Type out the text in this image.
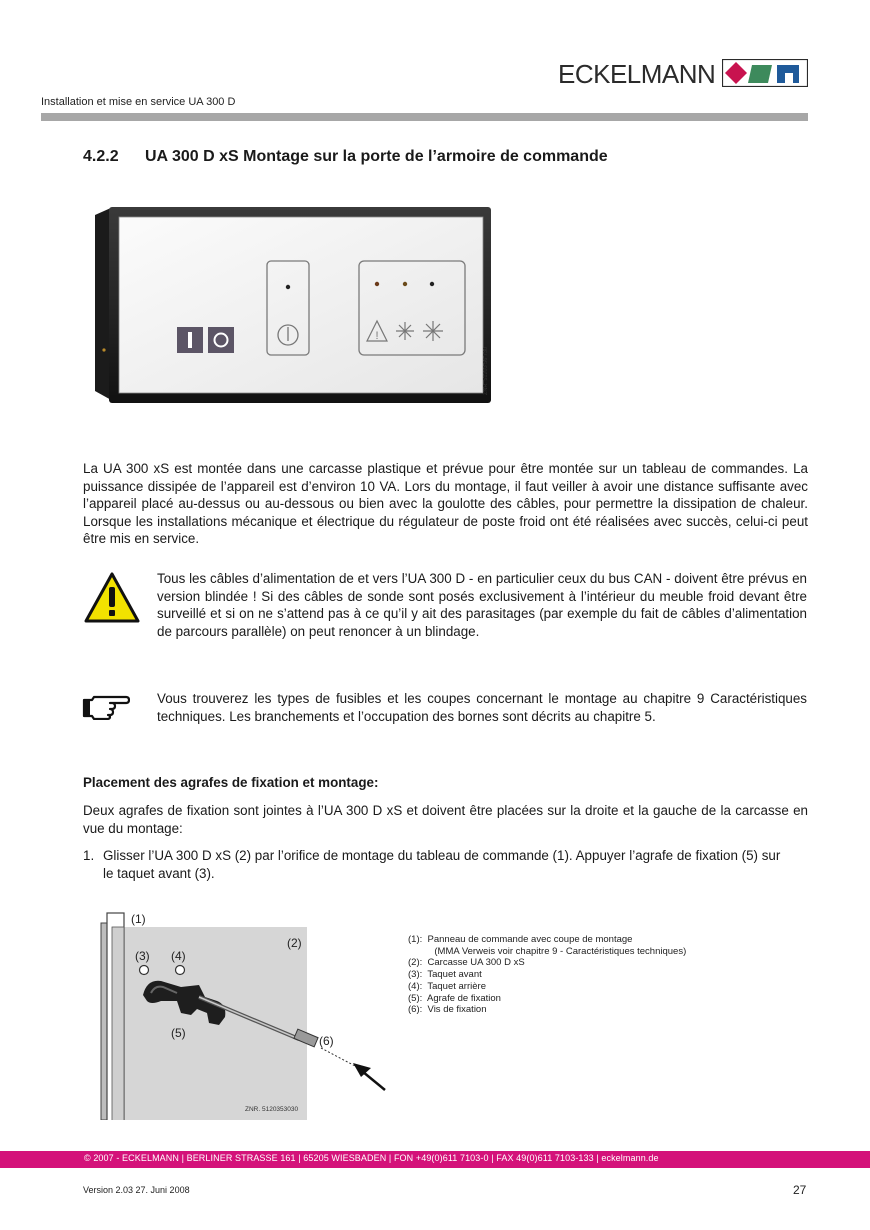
ECKELMANN
Installation et mise en service UA 300 D
4.2.2 UA 300 D xS Montage sur la porte de l’armoire de commande
!
ZNR. 51203 56 730
La UA 300 xS est montée dans une carcasse plastique et prévue pour être montée sur un tableau de commandes. La puissance dissipée de l’appareil est d’environ 10 VA. Lors du montage, il faut veiller à avoir une distance suffisante avec l’appareil placé au-dessus ou au-dessous ou bien avec la goulotte des câbles, pour permettre la dissipation de chaleur. Lorsque les installations mécanique et électrique du régulateur de poste froid ont été réalisées avec succès, celui-ci peut être mis en service.
Tous les câbles d’alimentation de et vers l’UA 300 D - en particulier ceux du bus CAN - doivent être prévus en version blindée ! Si des câbles de sonde sont posés exclusivement à l’intérieur du meuble froid devant être surveillé et si on ne s’attend pas à ce qu’il y ait des parasitages (par exemple du fait de câbles d’alimentation de parcours parallèle) on peut renoncer à un blindage.
Vous trouverez les types de fusibles et les coupes concernant le montage au chapitre 9 Caractéristiques techniques. Les branchements et l’occupation des bornes sont décrits au chapitre 5.
Placement des agrafes de fixation et montage:
Deux agrafes de fixation sont jointes à l’UA 300 D xS et doivent être placées sur la droite et la gauche de la carcasse en vue du montage:
1. Glisser l’UA 300 D xS (2) par l’orifice de montage du tableau de commande (1). Appuyer l’agrafe de fixation (5) sur le taquet avant (3).
(1)
(2)
(3) (4)
(5)
(6)
ZNR. 5120353030
(1):  Panneau de commande avec coupe de montage
(MMA Verweis voir chapitre 9 - Caractéristiques techniques)
(2):  Carcasse UA 300 D xS
(3):  Taquet avant
(4):  Taquet arrière
(5):  Agrafe de fixation
(6):  Vis de fixation
© 2007 - ECKELMANN | BERLINER STRASSE 161 | 65205 WIESBADEN | FON +49(0)611 7103-0 | FAX 49(0)611 7103-133 | eckelmann.de
Version 2.03 27. Juni 2008	27
